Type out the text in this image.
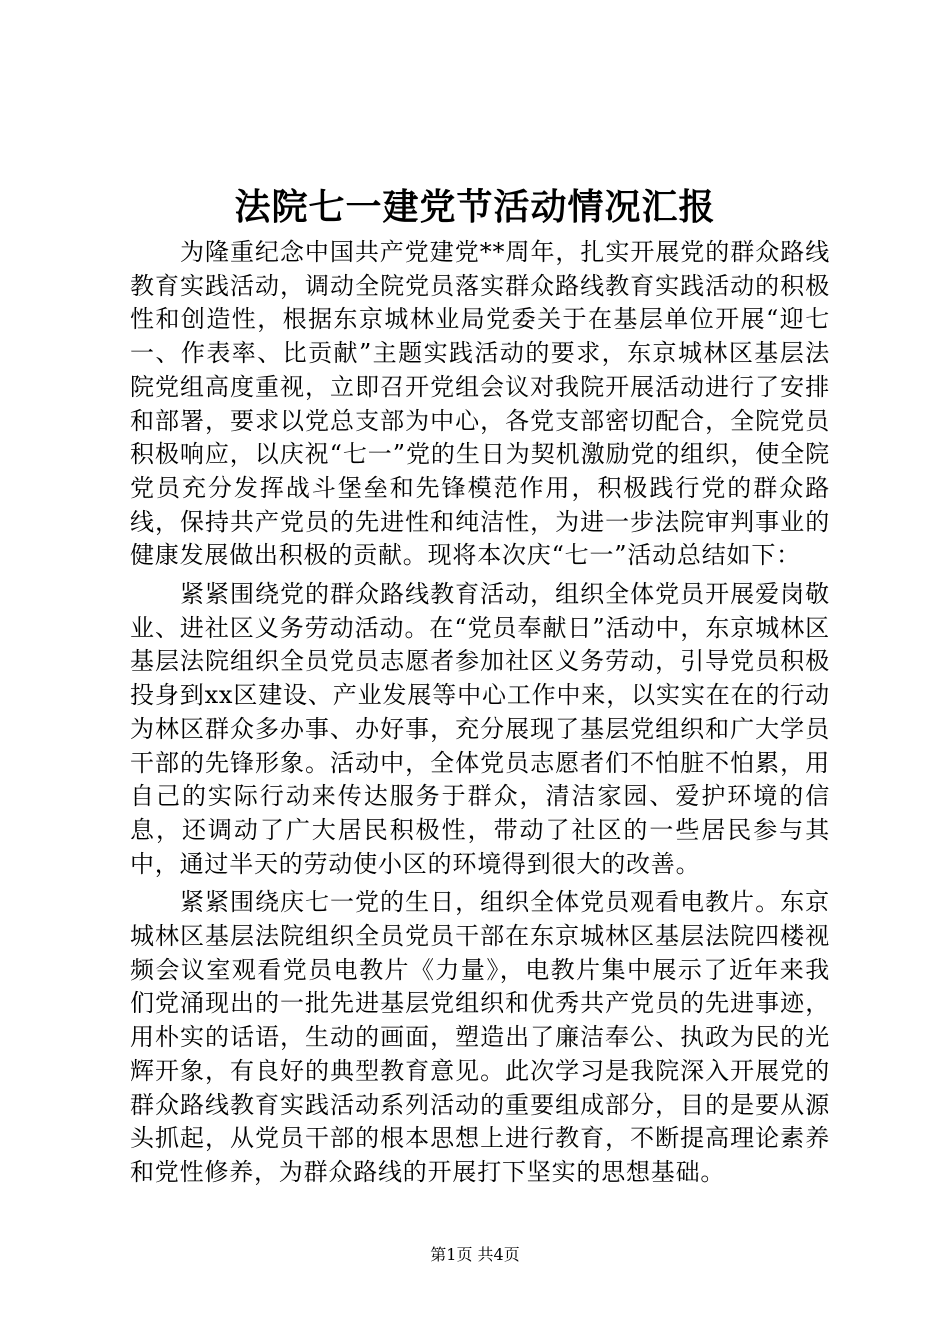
法院七一建党节活动情况汇报

为隆重纪念中国共产党建党**周年，扎实开展党的群众路线教育实践活动，调动全院党员落实群众路线教育实践活动的积极性和创造性，根据东京城林业局党委关于在基层单位开展“迎七一、作表率、比贡献”主题实践活动的要求，东京城林区基层法院党组高度重视，立即召开党组会议对我院开展活动进行了安排和部署，要求以党总支部为中心，各党支部密切配合，全院党员积极响应，以庆祝“七一”党的生日为契机激励党的组织，使全院党员充分发挥战斗堡垒和先锋模范作用，积极践行党的群众路线，保持共产党员的先进性和纯洁性，为进一步法院审判事业的健康发展做出积极的贡献。现将本次庆“七一”活动总结如下：

紧紧围绕党的群众路线教育活动，组织全体党员开展爱岗敬业、进社区义务劳动活动。在“党员奉献日”活动中，东京城林区基层法院组织全员党员志愿者参加社区义务劳动，引导党员积极投身到xx区建设、产业发展等中心工作中来，以实实在在的行动为林区群众多办事、办好事，充分展现了基层党组织和广大学员干部的先锋形象。活动中，全体党员志愿者们不怕脏不怕累，用自己的实际行动来传达服务于群众，清洁家园、爱护环境的信息，还调动了广大居民积极性，带动了社区的一些居民参与其中，通过半天的劳动使小区的环境得到很大的改善。

紧紧围绕庆七一党的生日，组织全体党员观看电教片。东京城林区基层法院组织全员党员干部在东京城林区基层法院四楼视频会议室观看党员电教片《力量》，电教片集中展示了近年来我们党涌现出的一批先进基层党组织和优秀共产党员的先进事迹，用朴实的话语，生动的画面，塑造出了廉洁奉公、执政为民的光辉开象，有良好的典型教育意见。此次学习是我院深入开展党的群众路线教育实践活动系列活动的重要组成部分，目的是要从源头抓起，从党员干部的根本思想上进行教育，不断提高理论素养和党性修养，为群众路线的开展打下坚实的思想基础。

第1页 共4页
